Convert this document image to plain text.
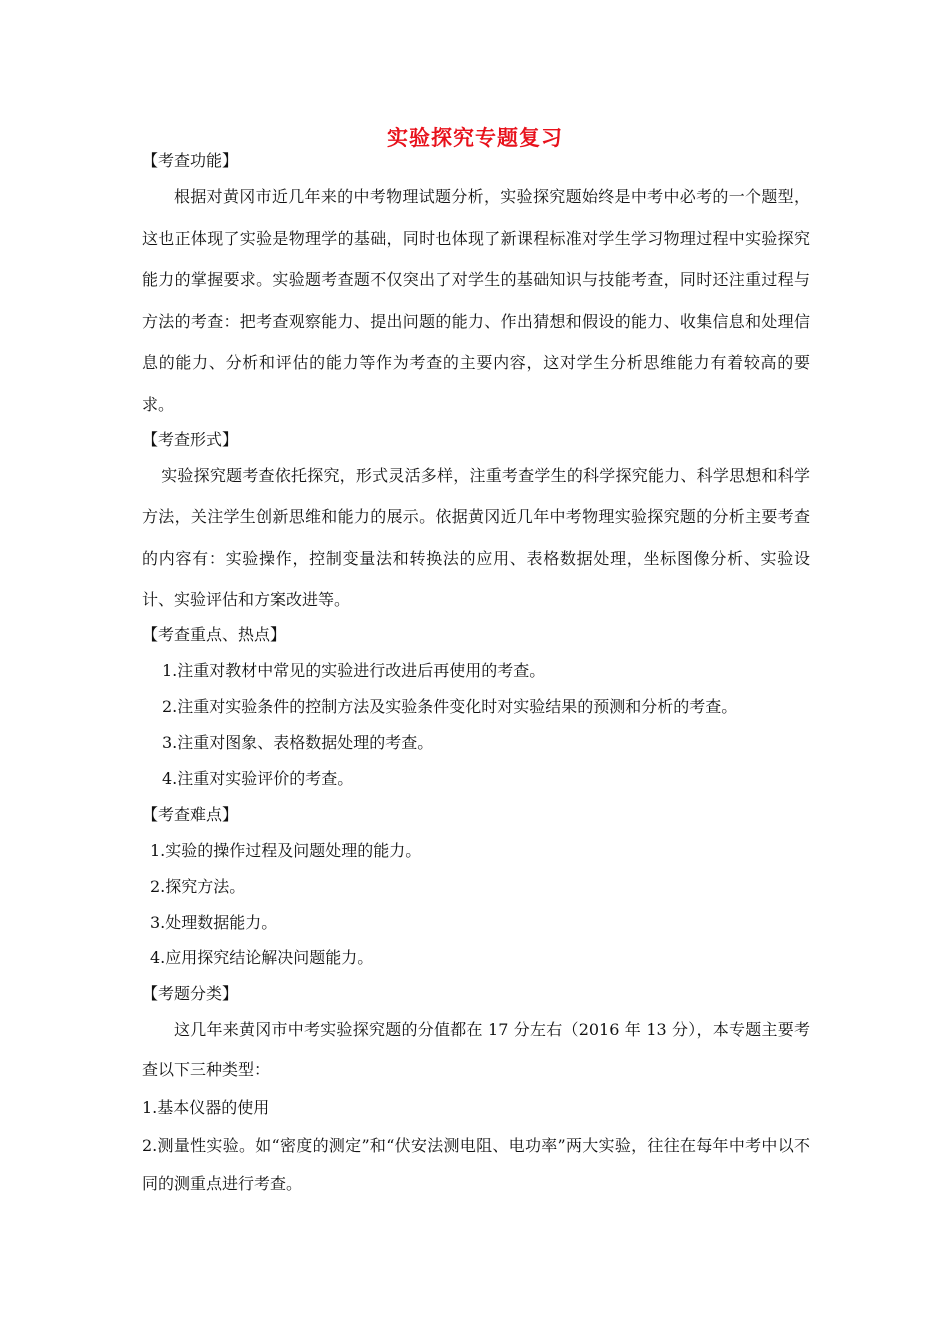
实验探究专题复习
【考查功能】

根据对黄冈市近几年来的中考物理试题分析，实验探究题始终是中考中必考的一个题型，这也正体现了实验是物理学的基础，同时也体现了新课程标准对学生学习物理过程中实验探究能力的掌握要求。实验题考查题不仅突出了对学生的基础知识与技能考查，同时还注重过程与方法的考查：把考查观察能力、提出问题的能力、作出猜想和假设的能力、收集信息和处理信息的能力、分析和评估的能力等作为考查的主要内容，这对学生分析思维能力有着较高的要求。

【考查形式】

实验探究题考查依托探究，形式灵活多样，注重考查学生的科学探究能力、科学思想和科学方法，关注学生创新思维和能力的展示。依据黄冈近几年中考物理实验探究题的分析主要考查的内容有：实验操作，控制变量法和转换法的应用、表格数据处理，坐标图像分析、实验设计、实验评估和方案改进等。

【考查重点、热点】
1.注重对教材中常见的实验进行改进后再使用的考查。
2.注重对实验条件的控制方法及实验条件变化时对实验结果的预测和分析的考查。
3.注重对图象、表格数据处理的考查。
4.注重对实验评价的考查。
【考查难点】
1.实验的操作过程及问题处理的能力。
2.探究方法。
3.处理数据能力。
4.应用探究结论解决问题能力。
【考题分类】

这几年来黄冈市中考实验探究题的分值都在 17 分左右（2016 年 13 分），本专题主要考查以下三种类型：

1.基本仪器的使用

2.测量性实验。如“密度的测定”和“伏安法测电阻、电功率”两大实验，往往在每年中考中以不同的测重点进行考查。
